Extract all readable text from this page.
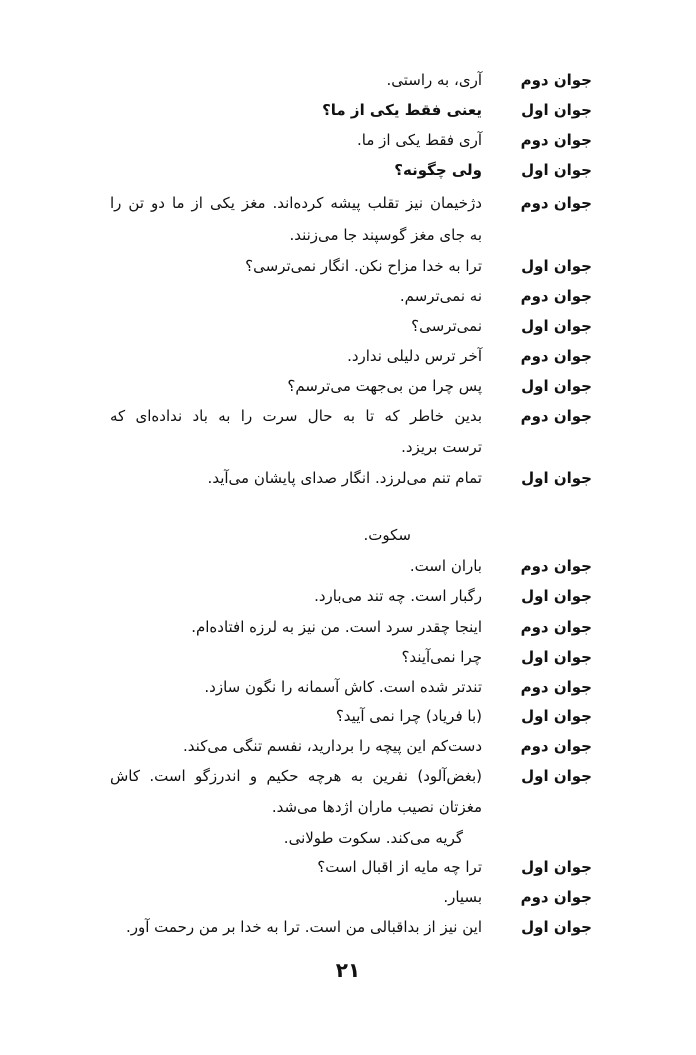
جوان دوم
آری، به راستی.
جوان اول
یعنی فقط یکی از ما؟
جوان دوم
آری فقط یکی از ما.
جوان اول
ولی چگونه؟
جوان دوم
دژخیمان نیز تقلب پیشه کرده‌اند. مغز یکی از ما دو تن را
به جای مغز گوسپند جا می‌زنند.
جوان اول
ترا به خدا مزاح نکن. انگار نمی‌ترسی؟
جوان دوم
نه نمی‌ترسم.
جوان اول
نمی‌ترسی؟
جوان دوم
آخر ترس دلیلی ندارد.
جوان اول
پس چرا من بی‌جهت می‌ترسم؟
جوان دوم
بدین خاطر که تا به حال سرت را به باد نداده‌ای که
ترست بریزد.
جوان اول
تمام تنم می‌لرزد. انگار صدای پایشان می‌آید.
سکوت.
جوان دوم
باران است.
جوان اول
رگبار است. چه تند می‌بارد.
جوان دوم
اینجا چقدر سرد است. من نیز به لرزه افتاده‌ام.
جوان اول
چرا نمی‌آیند؟
جوان دوم
تندتر شده است. کاش آسمانه را نگون سازد.
جوان اول
(با فریاد) چرا نمی آیید؟
جوان دوم
دست‌کم این پیچه را بردارید، نفسم تنگی می‌کند.
جوان اول
(بغض‌آلود) نفرین به هرچه حکیم و اندرزگو است. کاش
مغزتان نصیب ماران اژدها می‌شد.
گریه می‌کند. سکوت طولانی.
جوان اول
ترا چه مایه از اقبال است؟
جوان دوم
بسیار.
جوان اول
این نیز از بداقبالی من است. ترا به خدا بر من رحمت آور.
۲۱
